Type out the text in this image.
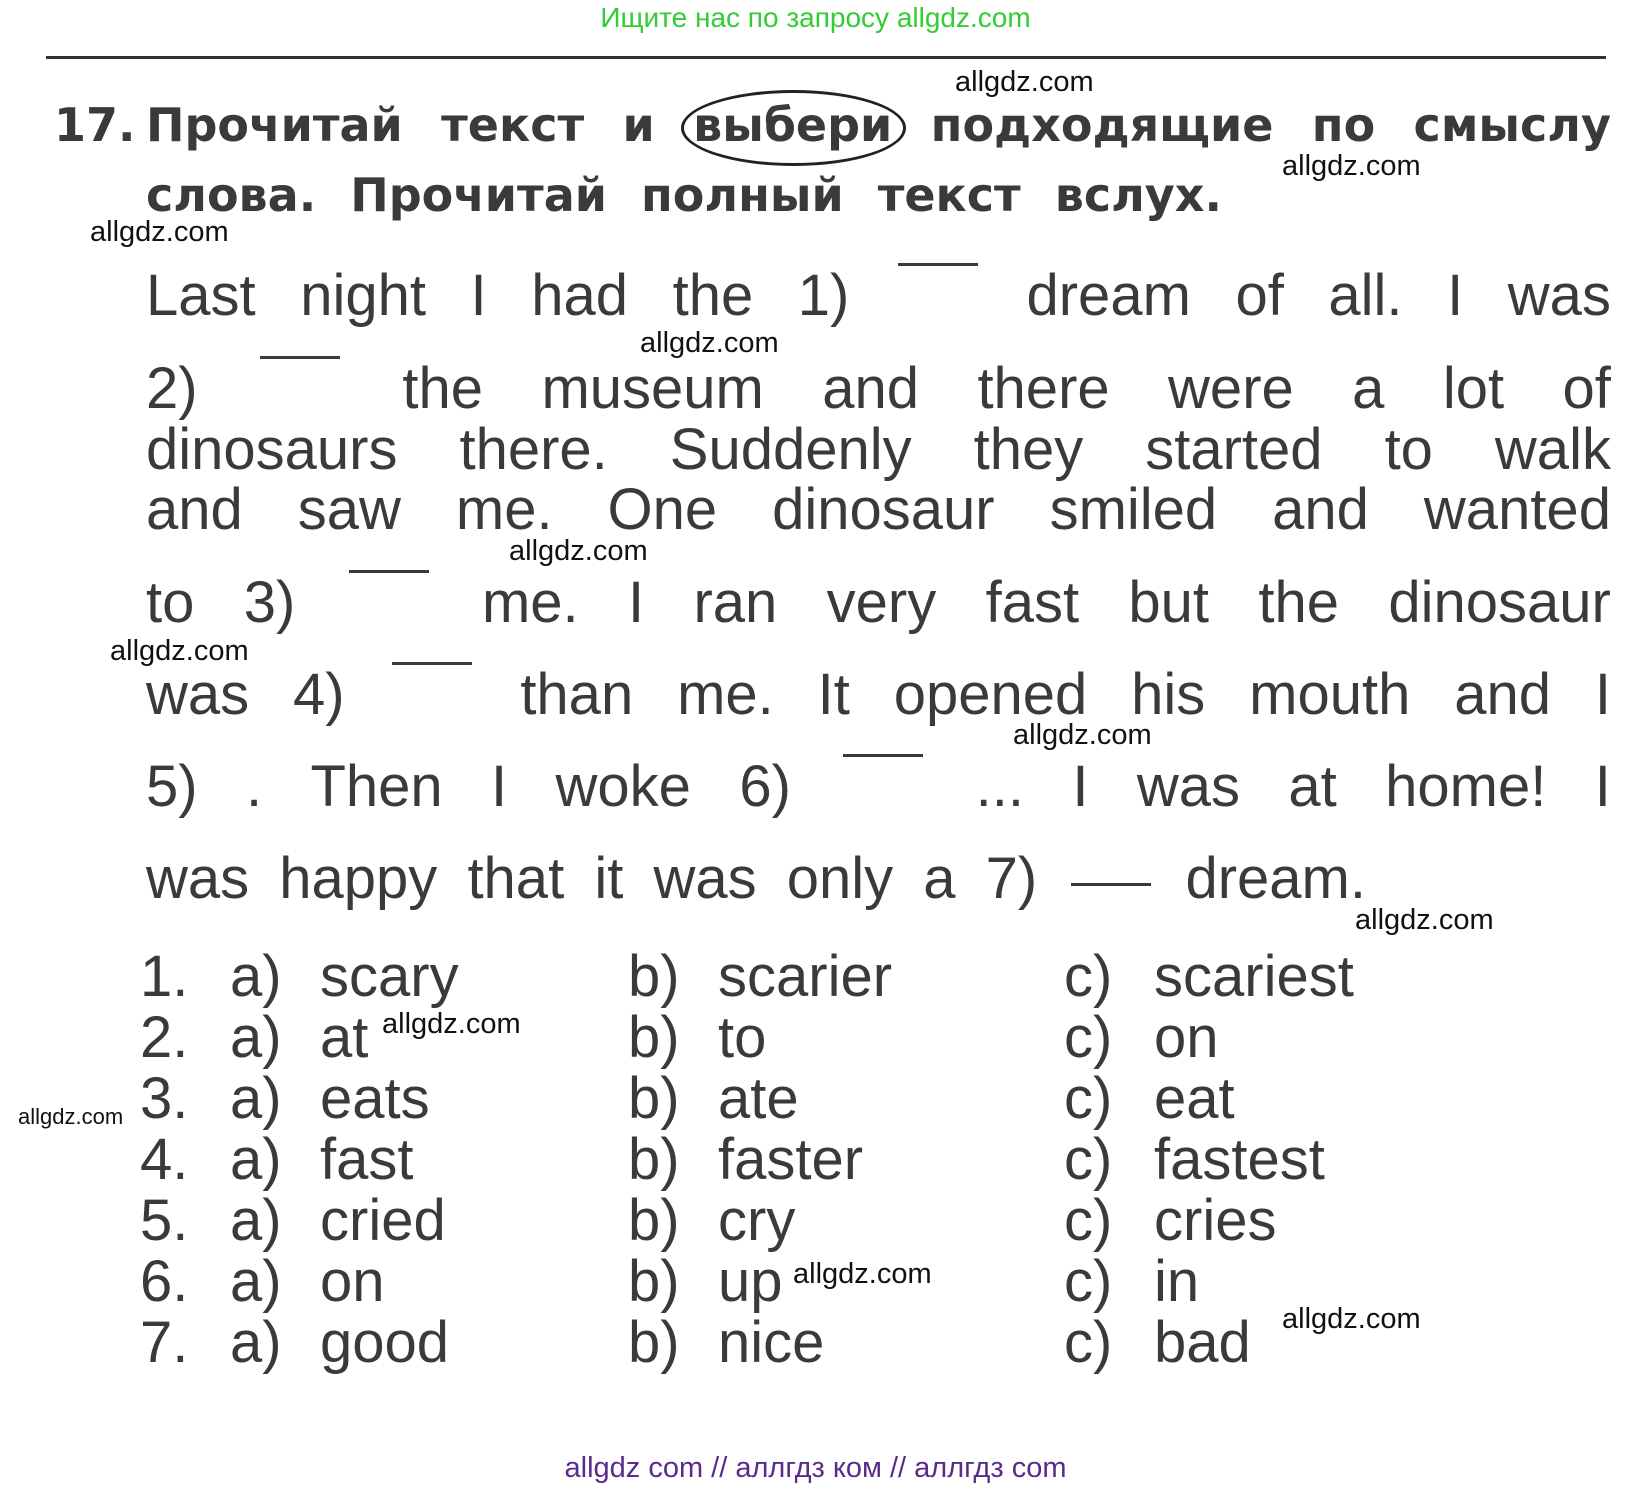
Ищите нас по запросу allgdz.com
allgdz.com
allgdz.com
allgdz.com
allgdz.com
allgdz.com
allgdz.com
allgdz.com
allgdz.com
allgdz.com
allgdz.com
allgdz.com
allgdz.com
17. Прочитай текст и выбери подходящие по смыслу
слова. Прочитай полный текст вслух.
Last night I had the 1)	dream of all. I was
2)	the museum and there were a lot of
dinosaurs there. Suddenly they started to walk
and saw me. One dinosaur smiled and wanted
to 3)	me. I ran very fast but the dinosaur
was 4)	than me. It opened his mouth and I
5) . Then I woke 6)	... I was at home! I
was happy that it was only a 7)	dream.
1. a) scary	b) scarier	c) scariest
2. a) at	b) to	c) on
3. a) eats	b) ate	c) eat
4. a) fast	b) faster	c) fastest
5. a) cried	b) cry	c) cries
6. a) on	b) up	c) in
7. a) good	b) nice	c) bad
allgdz com // аллгдз ком // аллгдз com
